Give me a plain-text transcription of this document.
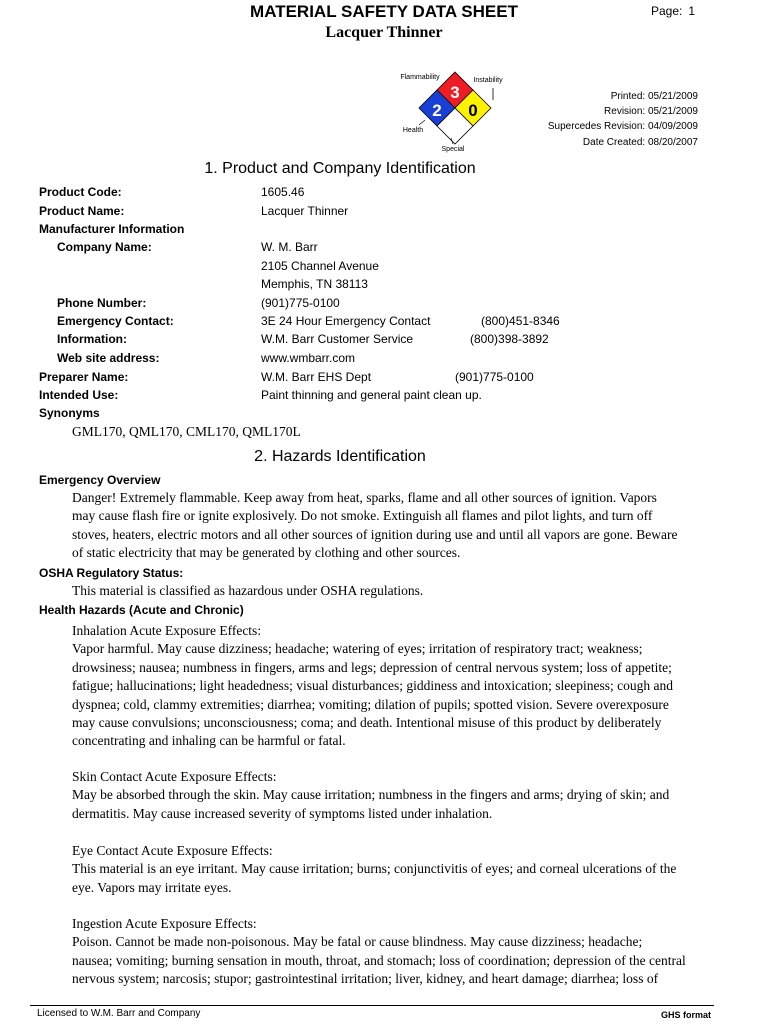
MATERIAL SAFETY DATA SHEET
Lacquer Thinner
Page: 1
3
2 0
Flammability	Instability
Health
Special
Printed: 05/21/2009
Revision: 05/21/2009
Supercedes Revision: 04/09/2009
Date Created: 08/20/2007
1. Product and Company Identification
Product Code:	1605.46
Product Name:	Lacquer Thinner
Manufacturer Information
Company Name:	W. M. Barr
2105 Channel Avenue
Memphis, TN 38113
Phone Number:	(901)775-0100
Emergency Contact:	3E 24 Hour Emergency Contact	(800)451-8346
Information:	W.M. Barr Customer Service	(800)398-3892
Web site address:	www.wmbarr.com
Preparer Name:	W.M. Barr EHS Dept	(901)775-0100
Intended Use:	Paint thinning and general paint clean up.
Synonyms
GML170, QML170, CML170, QML170L
2. Hazards Identification
Emergency Overview

Danger! Extremely flammable. Keep away from heat, sparks, flame and all other sources of ignition. Vapors

may cause flash fire or ignite explosively. Do not smoke. Extinguish all flames and pilot lights, and turn off

stoves, heaters, electric motors and all other sources of ignition during use and until all vapors are gone. Beware

of static electricity that may be generated by clothing and other sources.

OSHA Regulatory Status:
This material is classified as hazardous under OSHA regulations.
Health Hazards (Acute and Chronic)

Inhalation Acute Exposure Effects:

Vapor harmful. May cause dizziness; headache; watering of eyes; irritation of respiratory tract; weakness;

drowsiness; nausea; numbness in fingers, arms and legs; depression of central nervous system; loss of appetite;

fatigue; hallucinations; light headedness; visual disturbances; giddiness and intoxication; sleepiness; cough and

dyspnea; cold, clammy extremities; diarrhea; vomiting; dilation of pupils; spotted vision. Severe overexposure

may cause convulsions; unconsciousness; coma; and death. Intentional misuse of this product by deliberately

concentrating and inhaling can be harmful or fatal.

Skin Contact Acute Exposure Effects:

May be absorbed through the skin. May cause irritation; numbness in the fingers and arms; drying of skin; and

dermatitis. May cause increased severity of symptoms listed under inhalation.

Eye Contact Acute Exposure Effects:

This material is an eye irritant. May cause irritation; burns; conjunctivitis of eyes; and corneal ulcerations of the

eye. Vapors may irritate eyes.

Ingestion Acute Exposure Effects:

Poison. Cannot be made non-poisonous. May be fatal or cause blindness. May cause dizziness; headache;

nausea; vomiting; burning sensation in mouth, throat, and stomach; loss of coordination; depression of the central

nervous system; narcosis; stupor; gastrointestinal irritation; liver, kidney, and heart damage; diarrhea; loss of

Licensed to W.M. Barr and Company	GHS format
